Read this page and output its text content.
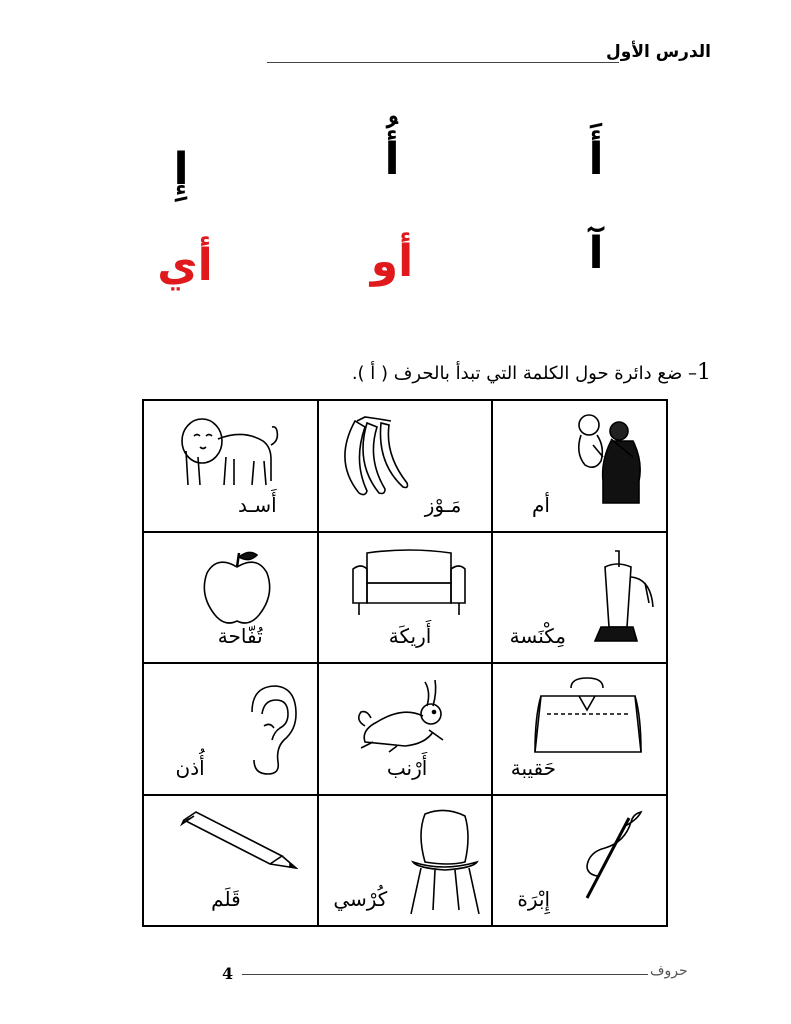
الدرس الأول
أَ
أُ
إِ
آ
أو
أي
1– ضع دائرة حول الكلمة التي تبدأ بالحرف ( أ ).
أَسـد	مَـوْز	أم

تُفّاحة	أَريكَة	مِكْنَسة

أُذن	أَرْنب	حَقيبة

قَلَم	كُرْسي	إِبْرَة
حروف
4
